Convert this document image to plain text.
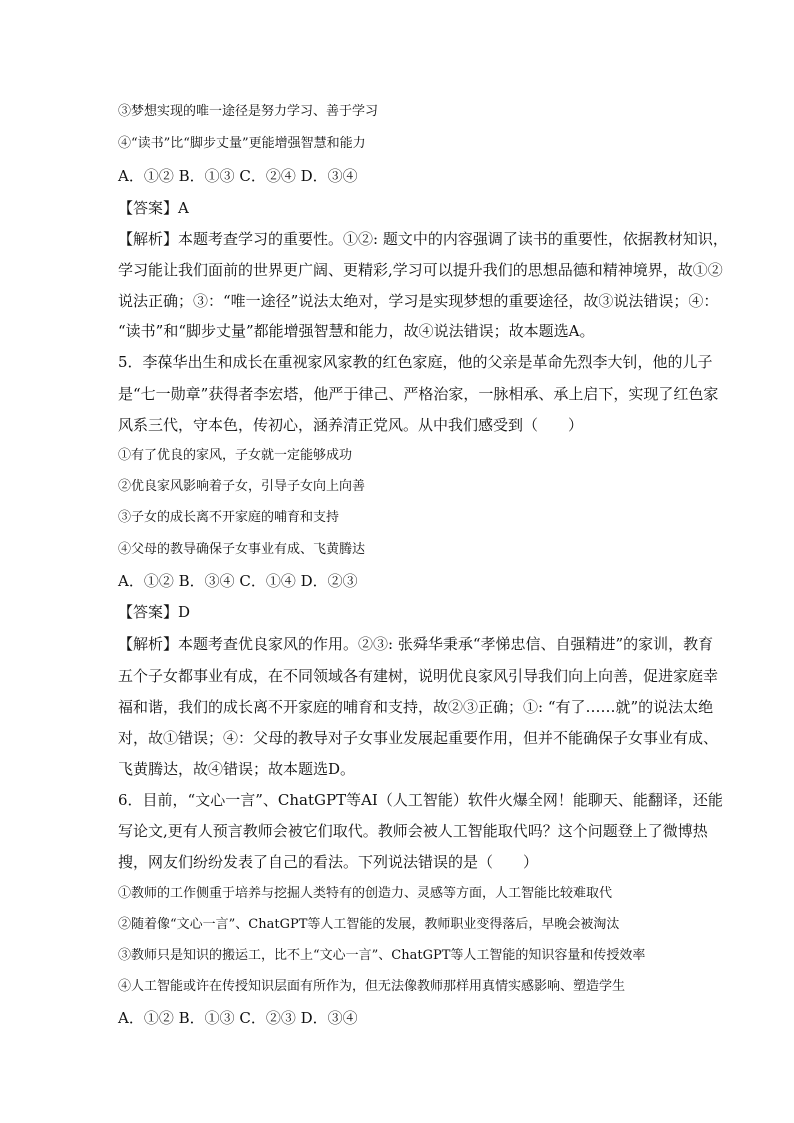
③梦想实现的唯一途径是努力学习、善于学习
④“读书”比“脚步丈量”更能增强智慧和能力
A．①② B．①③ C．②④ D．③④
【答案】A
【解析】本题考查学习的重要性。①②: 题文中的内容强调了读书的重要性，依据教材知识，
学习能让我们面前的世界更广阔、更精彩,学习可以提升我们的思想品德和精神境界，故①②
说法正确；③：“唯一途径”说法太绝对，学习是实现梦想的重要途径，故③说法错误；④：
“读书”和“脚步丈量”都能增强智慧和能力，故④说法错误；故本题选A。
5．李葆华出生和成长在重视家风家教的红色家庭，他的父亲是革命先烈李大钊，他的儿子
是“七一勋章”获得者李宏塔，他严于律己、严格治家，一脉相承、承上启下，实现了红色家
风系三代，守本色，传初心，涵养清正党风。从中我们感受到（　　）
①有了优良的家风，子女就一定能够成功
②优良家风影响着子女，引导子女向上向善
③子女的成长离不开家庭的哺育和支持
④父母的教导确保子女事业有成、飞黄腾达
A．①② B．③④ C．①④ D．②③
【答案】D
【解析】本题考查优良家风的作用。②③: 张舜华秉承“孝悌忠信、自强精进”的家训，教育
五个子女都事业有成，在不同领域各有建树，说明优良家风引导我们向上向善，促进家庭幸
福和谐，我们的成长离不开家庭的哺育和支持，故②③正确；①: “有了……就”的说法太绝
对，故①错误；④：父母的教导对子女事业发展起重要作用，但并不能确保子女事业有成、
飞黄腾达，故④错误；故本题选D。
6．目前，“文心一言”、ChatGPT等AI（人工智能）软件火爆全网！能聊天、能翻译，还能
写论文,更有人预言教师会被它们取代。教师会被人工智能取代吗？这个问题登上了微博热
搜，网友们纷纷发表了自己的看法。下列说法错误的是（　　）
①教师的工作侧重于培养与挖掘人类特有的创造力、灵感等方面，人工智能比较难取代
②随着像“文心一言”、ChatGPT等人工智能的发展，教师职业变得落后，早晚会被淘汰
③教师只是知识的搬运工，比不上“文心一言”、ChatGPT等人工智能的知识容量和传授效率
④人工智能或许在传授知识层面有所作为，但无法像教师那样用真情实感影响、塑造学生
A．①② B．①③ C．②③ D．③④
